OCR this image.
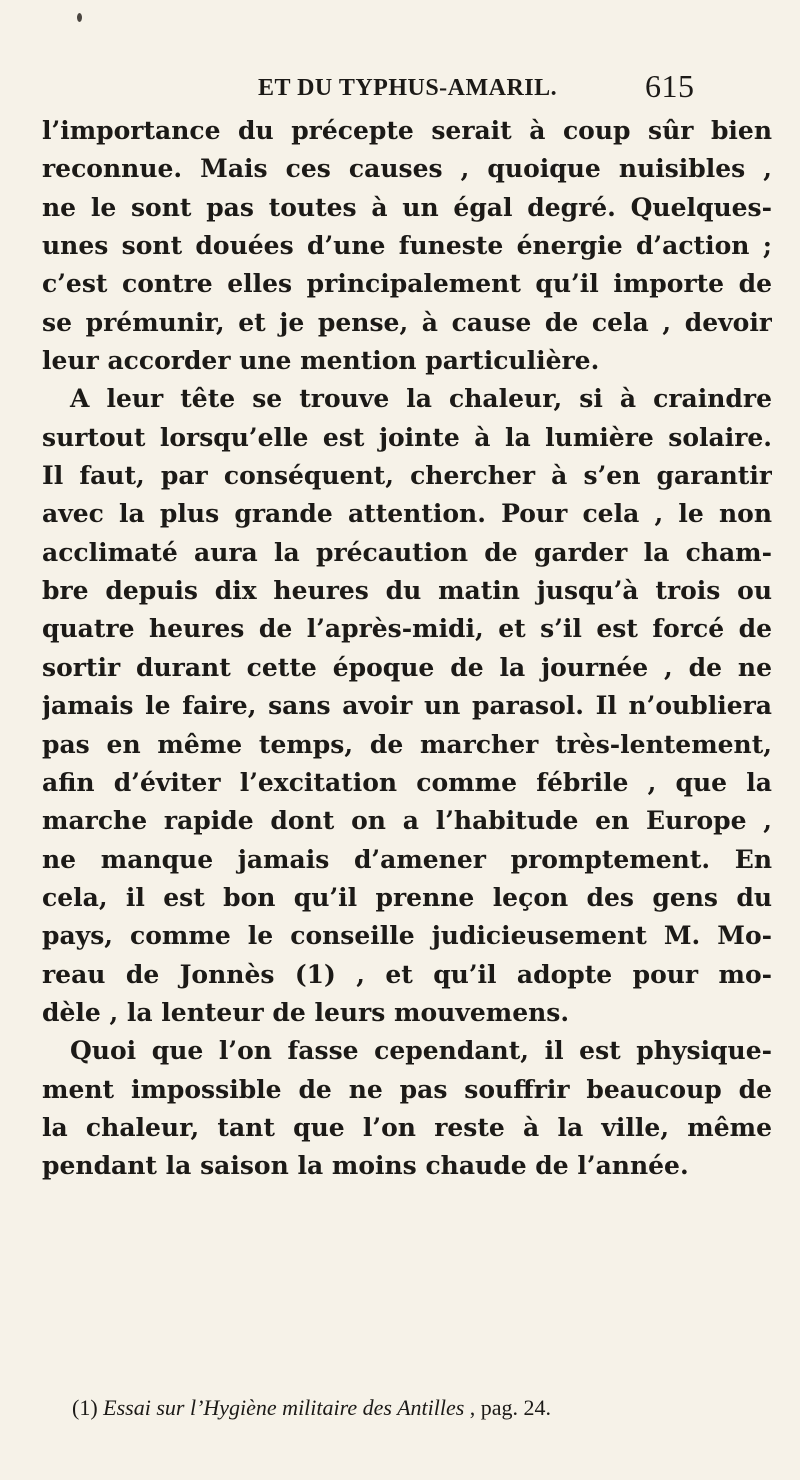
ET DU TYPHUS-AMARIL.	615
l’importance du précepte serait à coup sûr bien
reconnue. Mais ces causes , quoique nuisibles ,
ne le sont pas toutes à un égal degré. Quelques-
unes sont douées d’une funeste énergie d’action ;
c’est contre elles principalement qu’il importe de
se prémunir, et je pense, à cause de cela , devoir
leur accorder une mention particulière.
A leur tête se trouve la chaleur, si à craindre
surtout lorsqu’elle est jointe à la lumière solaire.
Il faut, par conséquent, chercher à s’en garantir
avec la plus grande attention. Pour cela , le non
acclimaté aura la précaution de garder la cham-
bre depuis dix heures du matin jusqu’à trois ou
quatre heures de l’après-midi, et s’il est forcé de
sortir durant cette époque de la journée , de ne
jamais le faire, sans avoir un parasol. Il n’oubliera
pas en même temps, de marcher très-lentement,
afin d’éviter l’excitation comme fébrile , que la
marche rapide dont on a l’habitude en Europe ,
ne manque jamais d’amener promptement. En
cela, il est bon qu’il prenne leçon des gens du
pays, comme le conseille judicieusement M. Mo-
reau de Jonnès (1) , et qu’il adopte pour mo-
dèle , la lenteur de leurs mouvemens.
Quoi que l’on fasse cependant, il est physique-
ment impossible de ne pas souffrir beaucoup de
la chaleur, tant que l’on reste à la ville, même
pendant la saison la moins chaude de l’année.
(1) Essai sur l’Hygiène militaire des Antilles , pag. 24.
